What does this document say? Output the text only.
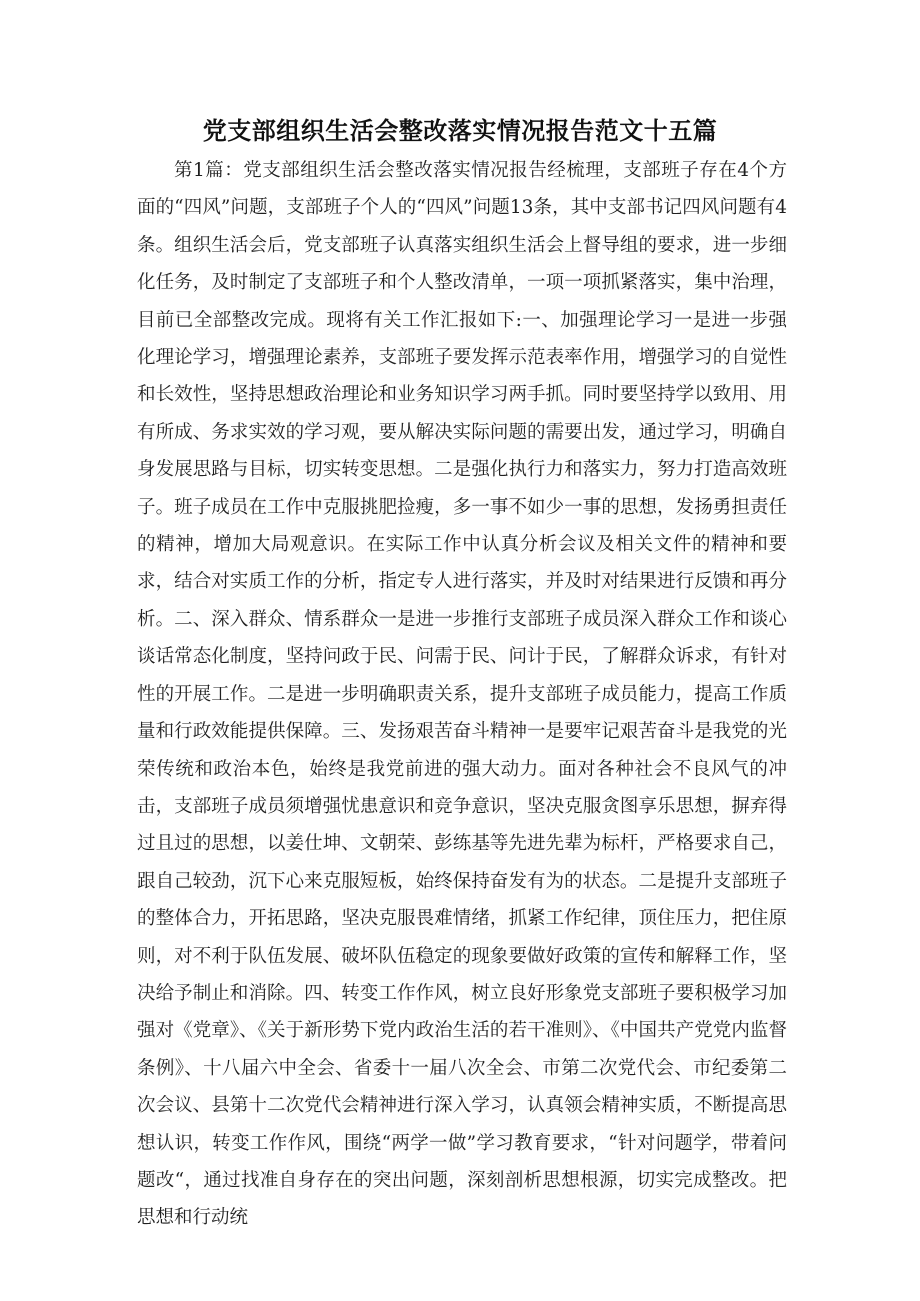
党支部组织生活会整改落实情况报告范文十五篇

第1篇：党支部组织生活会整改落实情况报告经梳理，支部班子存在4个方面的“四风”问题，支部班子个人的“四风”问题13条，其中支部书记四风问题有4条。组织生活会后，党支部班子认真落实组织生活会上督导组的要求，进一步细化任务，及时制定了支部班子和个人整改清单，一项一项抓紧落实，集中治理，目前已全部整改完成。现将有关工作汇报如下:一、加强理论学习一是进一步强化理论学习，增强理论素养，支部班子要发挥示范表率作用，增强学习的自觉性和长效性，坚持思想政治理论和业务知识学习两手抓。同时要坚持学以致用、用有所成、务求实效的学习观，要从解决实际问题的需要出发，通过学习，明确自身发展思路与目标，切实转变思想。二是强化执行力和落实力，努力打造高效班子。班子成员在工作中克服挑肥捡瘦，多一事不如少一事的思想，发扬勇担责任的精神，增加大局观意识。在实际工作中认真分析会议及相关文件的精神和要求，结合对实质工作的分析，指定专人进行落实，并及时对结果进行反馈和再分析。二、深入群众、情系群众一是进一步推行支部班子成员深入群众工作和谈心谈话常态化制度，坚持问政于民、问需于民、问计于民，了解群众诉求，有针对性的开展工作。二是进一步明确职责关系，提升支部班子成员能力，提高工作质量和行政效能提供保障。三、发扬艰苦奋斗精神一是要牢记艰苦奋斗是我党的光荣传统和政治本色，始终是我党前进的强大动力。面对各种社会不良风气的冲击，支部班子成员须增强忧患意识和竞争意识，坚决克服贪图享乐思想，摒弃得过且过的思想，以姜仕坤、文朝荣、彭练基等先进先辈为标杆，严格要求自己，跟自己较劲，沉下心来克服短板，始终保持奋发有为的状态。二是提升支部班子的整体合力，开拓思路，坚决克服畏难情绪，抓紧工作纪律，顶住压力，把住原则，对不利于队伍发展、破坏队伍稳定的现象要做好政策的宣传和解释工作，坚决给予制止和消除。四、转变工作作风，树立良好形象党支部班子要积极学习加强对《党章》、《关于新形势下党内政治生活的若干准则》、《中国共产党党内监督条例》、十八届六中全会、省委十一届八次全会、市第二次党代会、市纪委第二次会议、县第十二次党代会精神进行深入学习，认真领会精神实质，不断提高思想认识，转变工作作风，围绕“两学一做”学习教育要求，“针对问题学，带着问题改“，通过找准自身存在的突出问题，深刻剖析思想根源，切实完成整改。把思想和行动统
